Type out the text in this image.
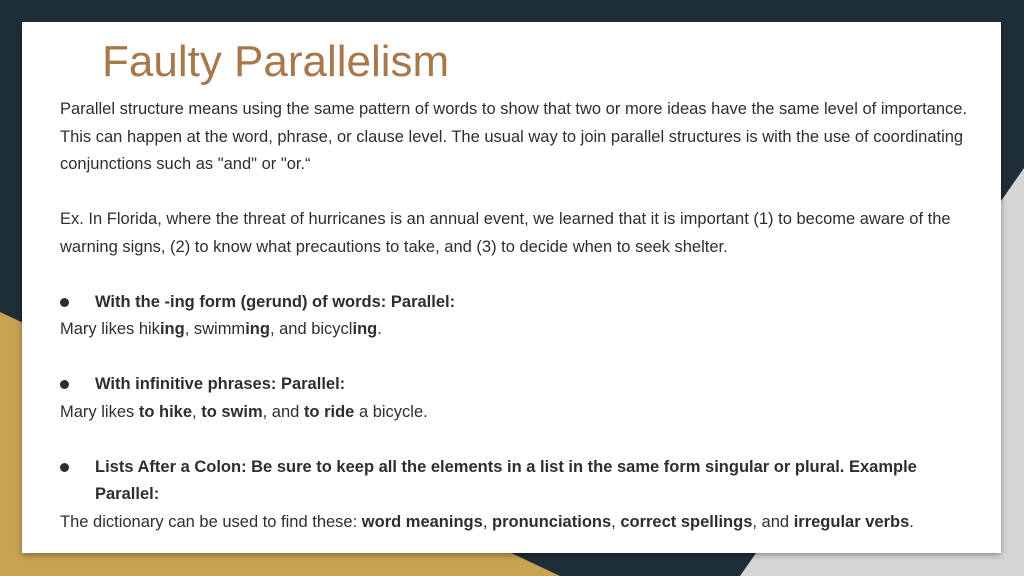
Faulty Parallelism

Parallel structure means using the same pattern of words to show that two or more ideas have the same level of importance. This can happen at the word, phrase, or clause level. The usual way to join parallel structures is with the use of coordinating conjunctions such as "and" or "or.“

Ex. In Florida, where the threat of hurricanes is an annual event, we learned that it is important (1) to become aware of the warning signs, (2) to know what precautions to take, and (3) to decide when to seek shelter.

With the -ing form (gerund) of words: Parallel:

Mary likes hiking, swimming, and bicycling.

With infinitive phrases: Parallel:

Mary likes to hike, to swim, and to ride a bicycle.

Lists After a Colon: Be sure to keep all the elements in a list in the same form singular or plural. Example Parallel:

The dictionary can be used to find these: word meanings, pronunciations, correct spellings, and irregular verbs.
